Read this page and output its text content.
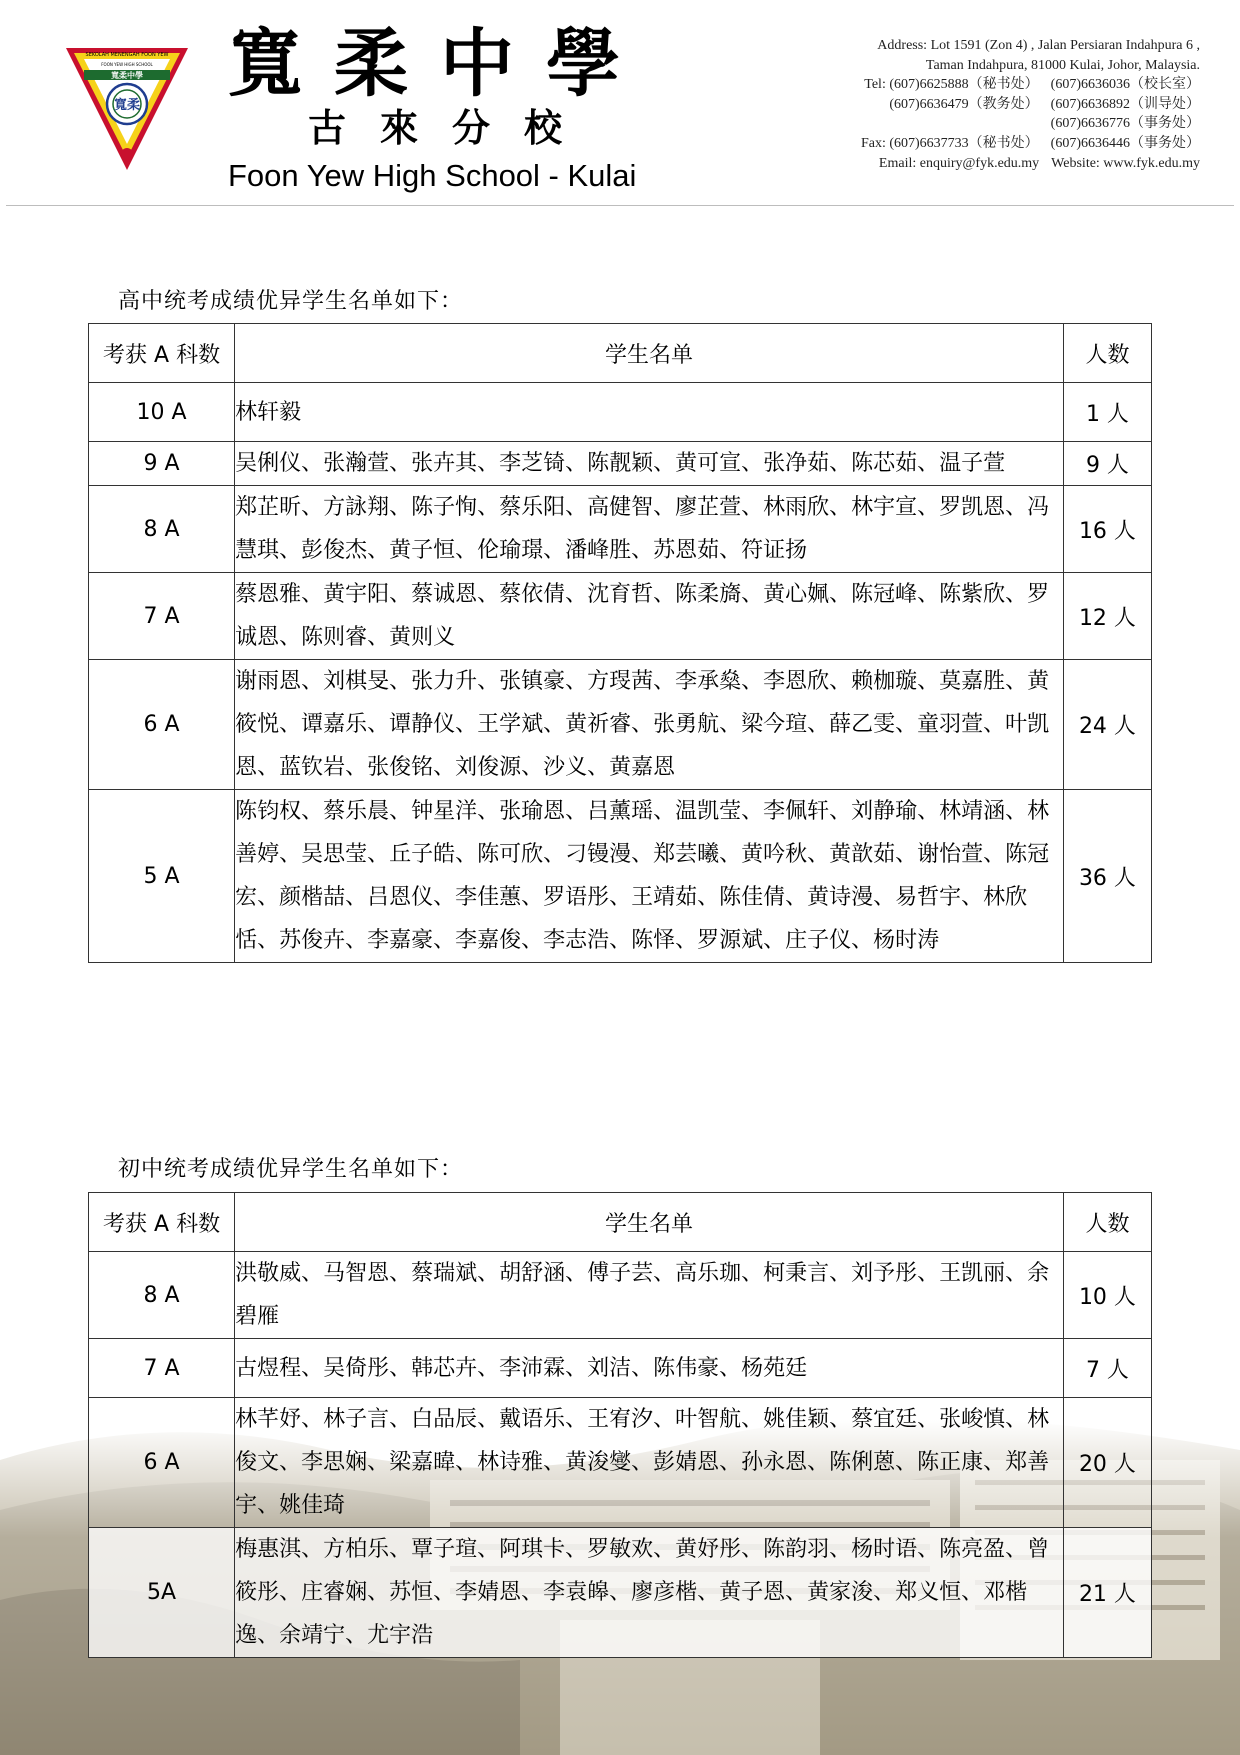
SEKOLAH MENENGAH FOON YEW
FOON YEW HIGH SCHOOL
寬柔中學
寬柔 寬柔中學
古來分校
Foon Yew High School - Kulai
Address: Lot 1591 (Zon 4) , Jalan Persiaran Indahpura 6 ,
Taman Indahpura, 81000 Kulai, Johor, Malaysia.
Tel: (607)6625888（秘书处） (607)6636036（校长室）
(607)6636479（教务处） (607)6636892（训导处）
(607)6636776（事务处）
Fax: (607)6637733（秘书处） (607)6636446（事务处）
Email: enquiry@fyk.edu.my Website: www.fyk.edu.my
高中统考成绩优异学生名单如下：
考获 A 科数	学生名单	人数
10 A	林轩毅	1 人
9 A	吴俐仪、张瀚萱、张卉其、李芝锜、陈靓颖、黄可宣、张净茹、陈芯茹、温子萱	9 人
8 A	郑芷昕、方詠翔、陈子恂、蔡乐阳、高健智、廖芷萱、林雨欣、林宇宣、罗凯恩、冯慧琪、彭俊杰、黄子恒、伦瑜璟、潘峰胜、苏恩茹、符证扬	16 人
7 A	蔡恩雅、黄宇阳、蔡诚恩、蔡依倩、沈育哲、陈柔旖、黄心姵、陈冠峰、陈紫欣、罗诚恩、陈则睿、黄则义	12 人
6 A	谢雨恩、刘棋旻、张力升、张镇豪、方琝茜、李承燊、李恩欣、赖枷璇、莫嘉胜、黄筱悦、谭嘉乐、谭静仪、王学斌、黄祈睿、张勇航、梁今瑄、薛乙雯、童羽萱、叶凯恩、蓝钦岩、张俊铭、刘俊源、沙义、黄嘉恩	24 人
5 A	陈钧权、蔡乐晨、钟星洋、张瑜恩、吕薰瑶、温凯莹、李佩轩、刘静瑜、林靖涵、林善婷、吴思莹、丘子皓、陈可欣、刁镘漫、郑芸曦、黄吟秋、黄歆茹、谢怡萱、陈冠宏、颜楷喆、吕恩仪、李佳蕙、罗语彤、王靖茹、陈佳倩、黄诗漫、易哲宇、林欣恬、苏俊卉、李嘉豪、李嘉俊、李志浩、陈怿、罗源斌、庄子仪、杨时涛	36 人
初中统考成绩优异学生名单如下：
考获 A 科数	学生名单	人数
8 A	洪敬威、马智恩、蔡瑞斌、胡舒涵、傅子芸、高乐珈、柯秉言、刘予彤、王凯丽、余碧雁	10 人
7 A	古煜程、吴倚彤、韩芯卉、李沛霖、刘洁、陈伟豪、杨苑廷	7 人
6 A	林芊妤、林子言、白品辰、戴语乐、王宥汐、叶智航、姚佳颖、蔡宜廷、张峻慎、林俊文、李思娴、梁嘉暐、林诗雅、黄浚燮、彭婧恩、孙永恩、陈俐蒽、陈正康、郑善宇、姚佳琦	20 人
5A	梅惠淇、方柏乐、覃子瑄、阿琪卡、罗敏欢、黄妤彤、陈韵羽、杨时语、陈亮盈、曾筱彤、庄睿娴、苏恒、李婧恩、李袁皞、廖彦楷、黄子恩、黄家浚、郑义恒、邓楷逸、余靖宁、尤宇浩	21 人
